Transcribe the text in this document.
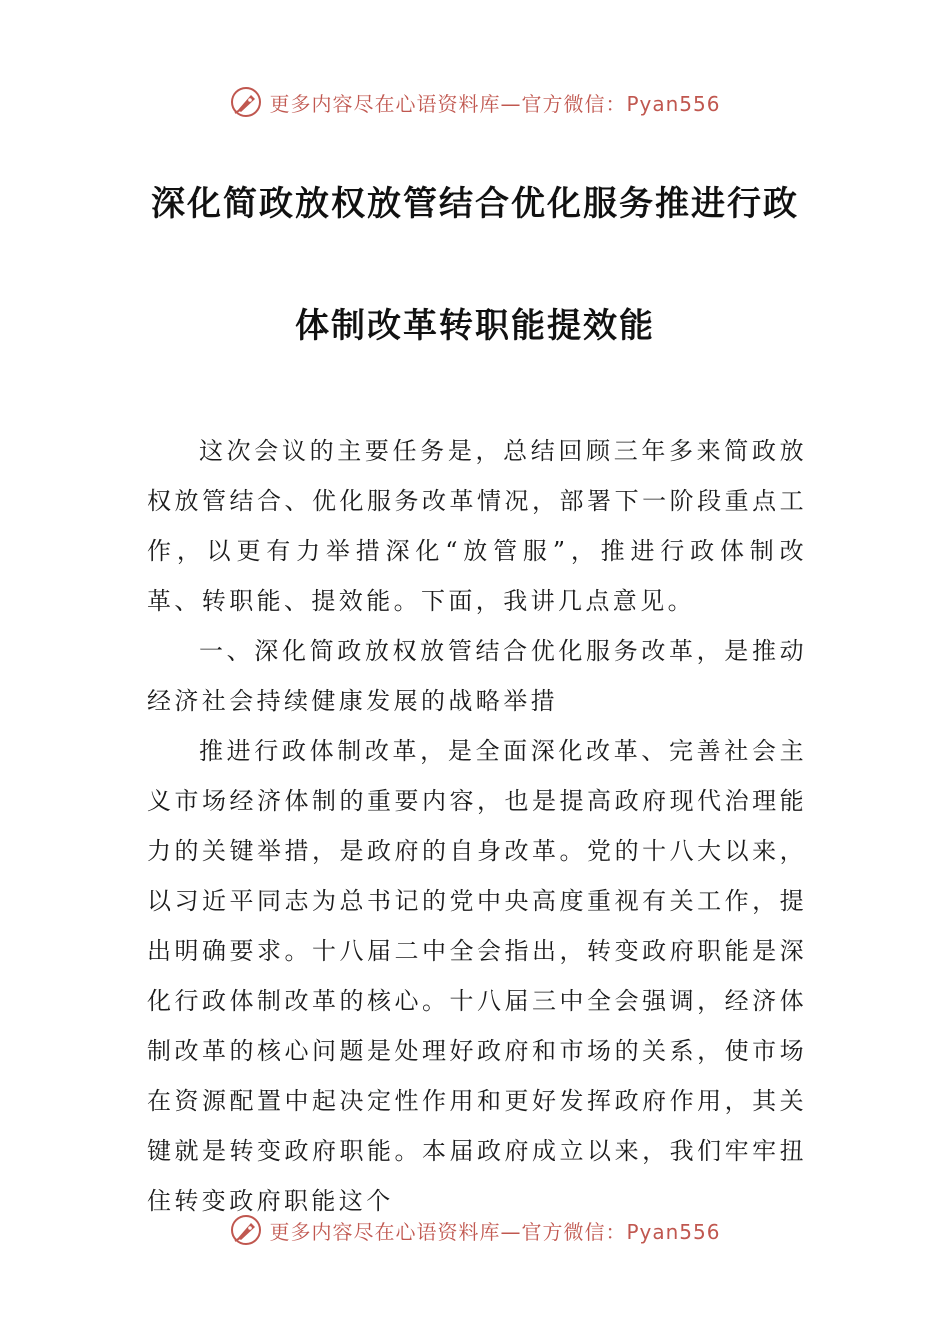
更多内容尽在心语资料库—官方微信：Pyan556
深化简政放权放管结合优化服务推进行政
体制改革转职能提效能

这次会议的主要任务是，总结回顾三年多来简政放权放管结合、优化服务改革情况，部署下一阶段重点工作，以更有力举措深化“放管服”，推进行政体制改革、转职能、提效能。下面，我讲几点意见。

一、深化简政放权放管结合优化服务改革，是推动经济社会持续健康发展的战略举措

推进行政体制改革，是全面深化改革、完善社会主义市场经济体制的重要内容，也是提高政府现代治理能力的关键举措，是政府的自身改革。党的十八大以来，以习近平同志为总书记的党中央高度重视有关工作，提出明确要求。十八届二中全会指出，转变政府职能是深化行政体制改革的核心。十八届三中全会强调，经济体制改革的核心问题是处理好政府和市场的关系，使市场在资源配置中起决定性作用和更好发挥政府作用，其关键就是转变政府职能。本届政府成立以来，我们牢牢扭住转变政府职能这个

更多内容尽在心语资料库—官方微信：Pyan556
